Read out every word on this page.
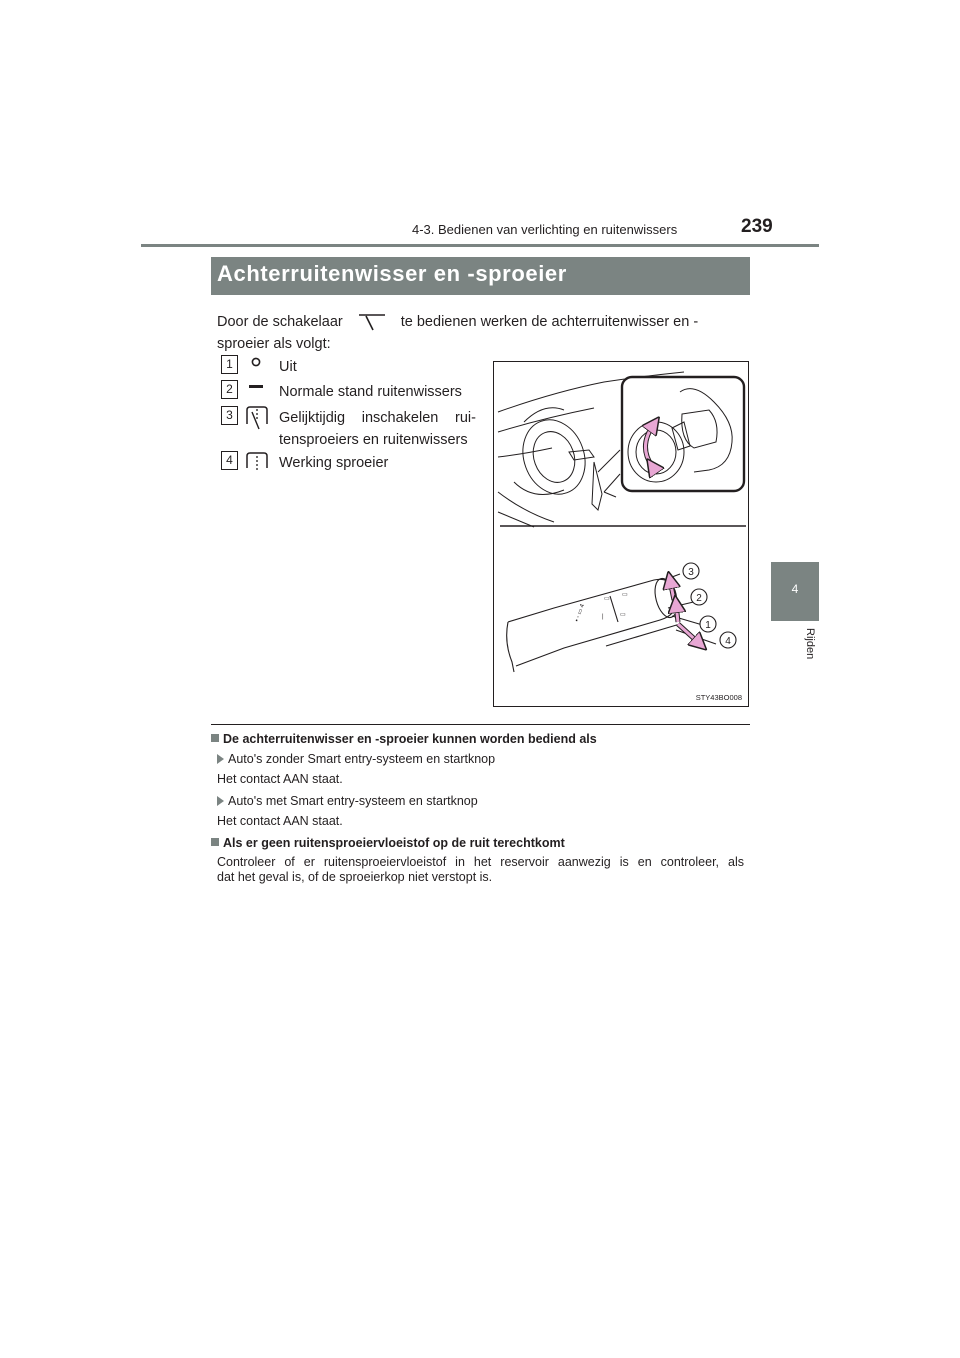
4-3. Bedienen van verlichting en ruitenwissers	239
4
Rijden
Achterruitenwisser en -sproeier
Door de schakelaar	te bedienen werken de achterruitenwisser en -
sproeier als volgt:
1	Uit
2	Normale stand ruitenwissers
3	Gelijktijdig inschakelen rui-
tensproeiers en ruitenwissers
4	Werking sproeier
▪ ◦ ▭ 4
▭
▭
|	▭
3
2
1
4
STY43BO008
De achterruitenwisser en -sproeier kunnen worden bediend als
Auto's zonder Smart entry-systeem en startknop
Het contact AAN staat.
Auto's met Smart entry-systeem en startknop
Het contact AAN staat.
Als er geen ruitensproeiervloeistof op de ruit terechtkomt
Controleer of er ruitensproeiervloeistof in het reservoir aanwezig is en controleer, als
dat het geval is, of de sproeierkop niet verstopt is.
